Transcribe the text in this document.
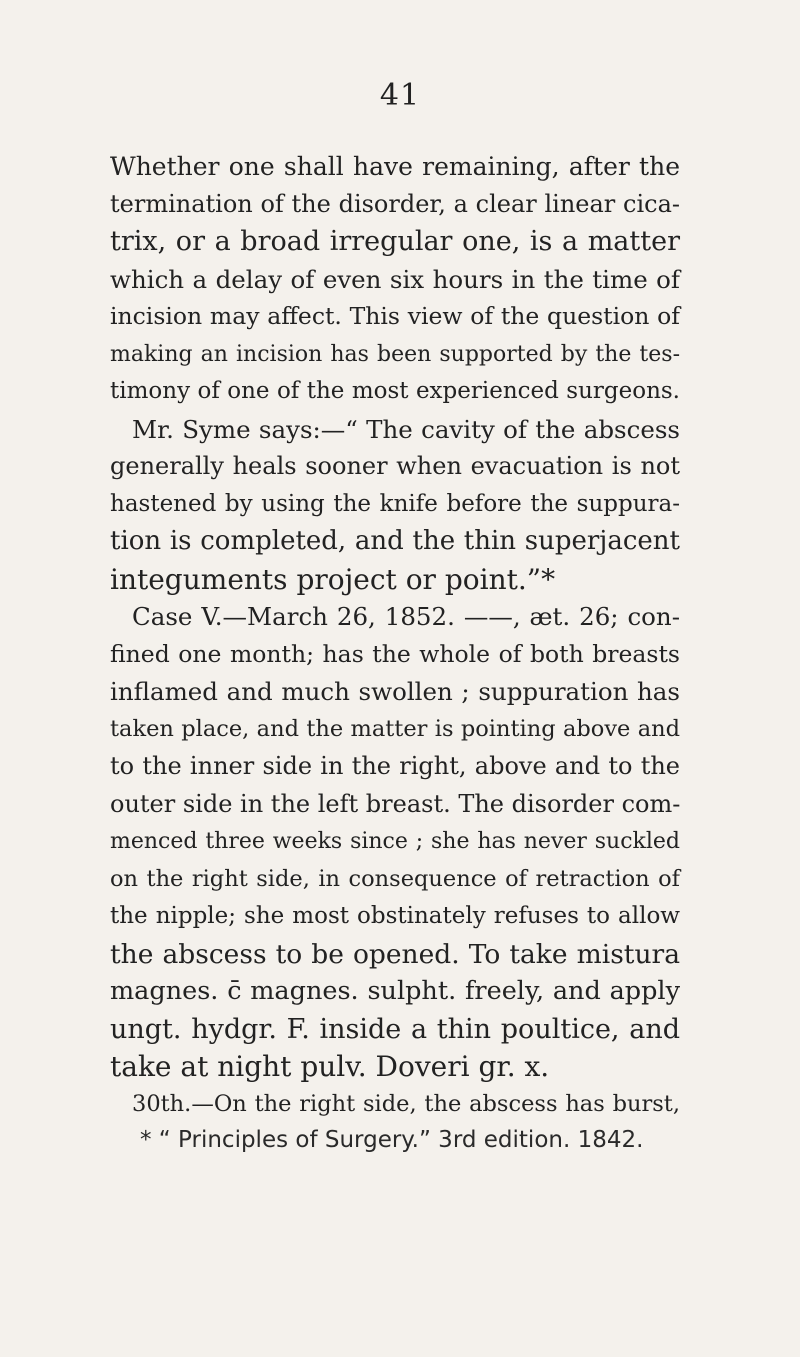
41
Whether one shall have remaining, after the
termination of the disorder, a clear linear cica-
trix, or a broad irregular one, is a matter
which a delay of even six hours in the time of
incision may affect. This view of the question of
making an incision has been supported by the tes-
timony of one of the most experienced surgeons.
Mr. Syme says:—“ The cavity of the abscess
generally heals sooner when evacuation is not
hastened by using the knife before the suppura-
tion is completed, and the thin superjacent
integuments project or point.”*
Case V.—March 26, 1852. ——, æt. 26; con-
fined one month; has the whole of both breasts
inflamed and much swollen ; suppuration has
taken place, and the matter is pointing above and
to the inner side in the right, above and to the
outer side in the left breast. The disorder com-
menced three weeks since ; she has never suckled
on the right side, in consequence of retraction of
the nipple; she most obstinately refuses to allow
the abscess to be opened. To take mistura
magnes. c̄ magnes. sulpht. freely, and apply
ungt. hydgr. F. inside a thin poultice, and
take at night pulv. Doveri gr. x.
30th.—On the right side, the abscess has burst,
* “ Principles of Surgery.” 3rd edition. 1842.
